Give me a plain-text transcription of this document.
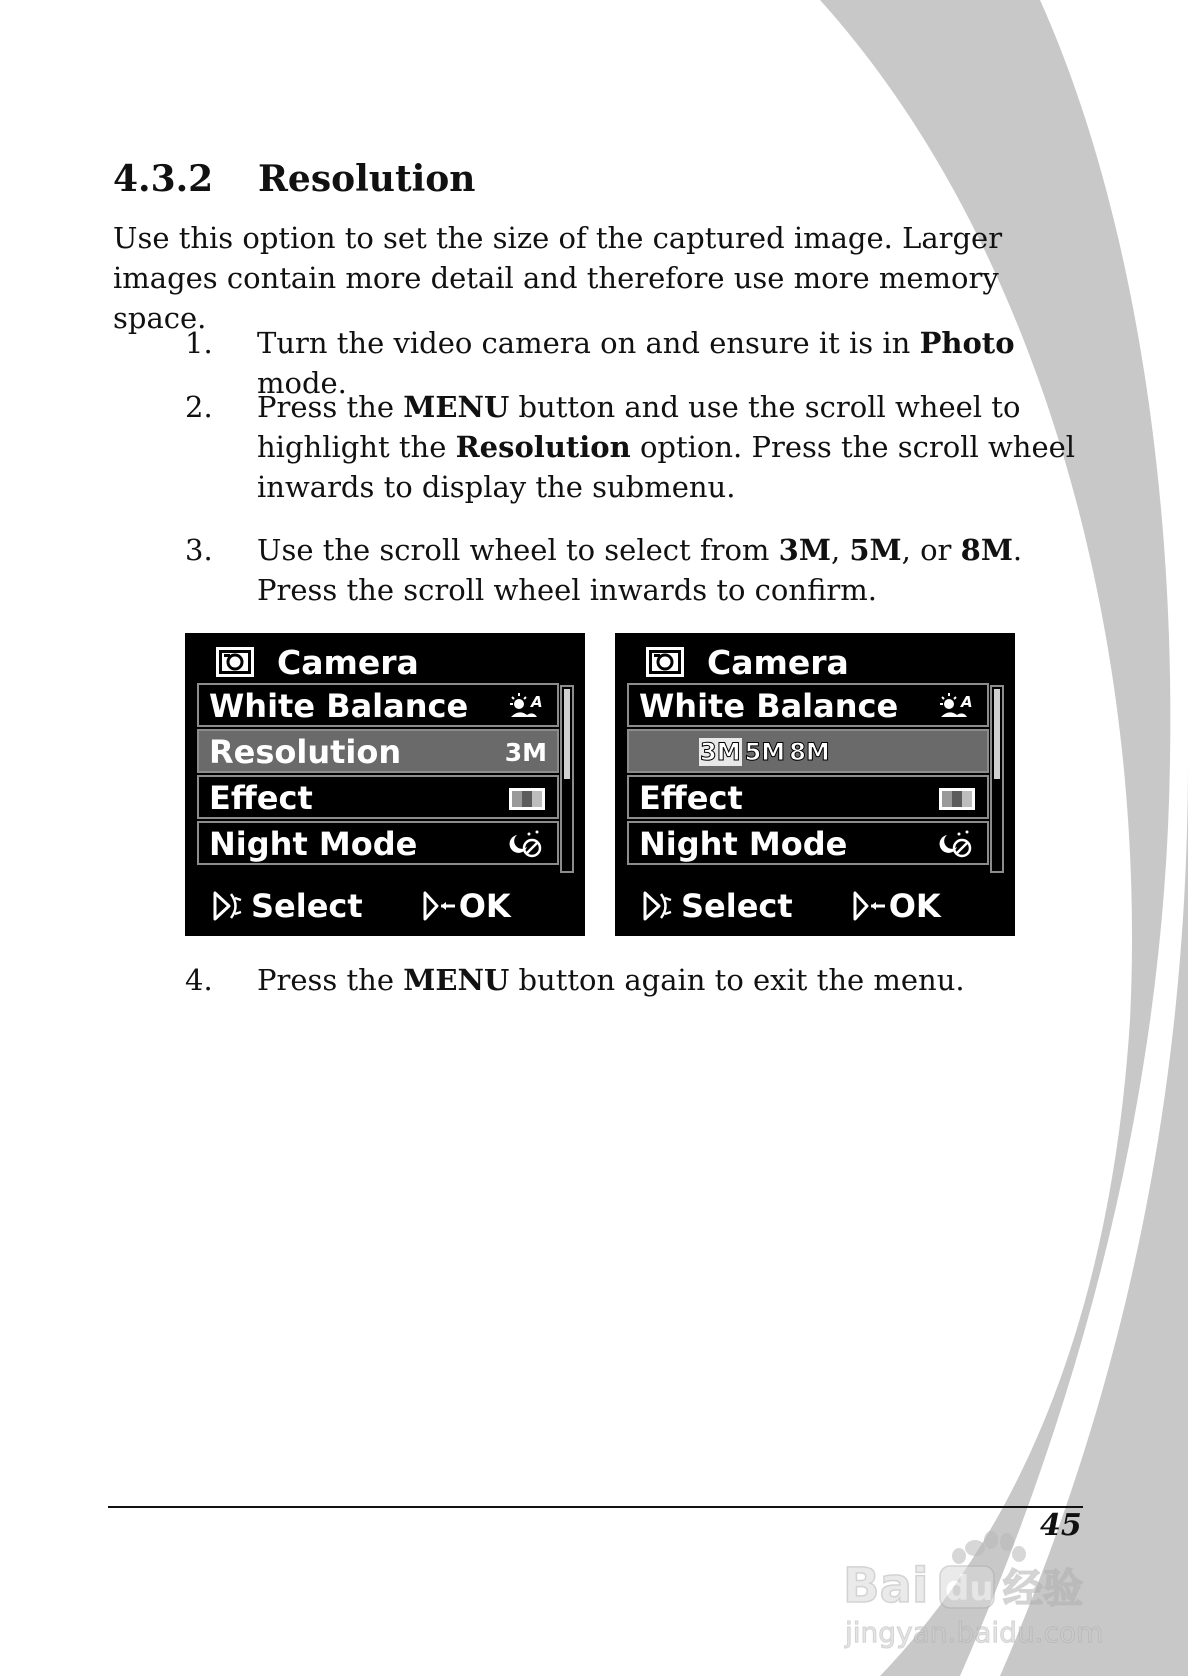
4.3.2 Resolution

Use this option to set the size of the captured image. Larger images contain more detail and therefore use more memory space.

1. Turn the video camera on and ensure it is in Photo mode.
2. Press the MENU button and use the scroll wheel to highlight the Resolution option. Press the scroll wheel inwards to display the submenu.
3. Use the scroll wheel to select from 3M, 5M, or 8M. Press the scroll wheel inwards to confirm.
Camera
White Balance	A
Resolution	3M
Effect
Night Mode
Select	OK
Camera
White Balance	A
3M 5M 8M
Effect
Night Mode
Select	OK
4. Press the MENU button again to exit the menu.
45
Bai du 经验
jingyan.baidu.com
